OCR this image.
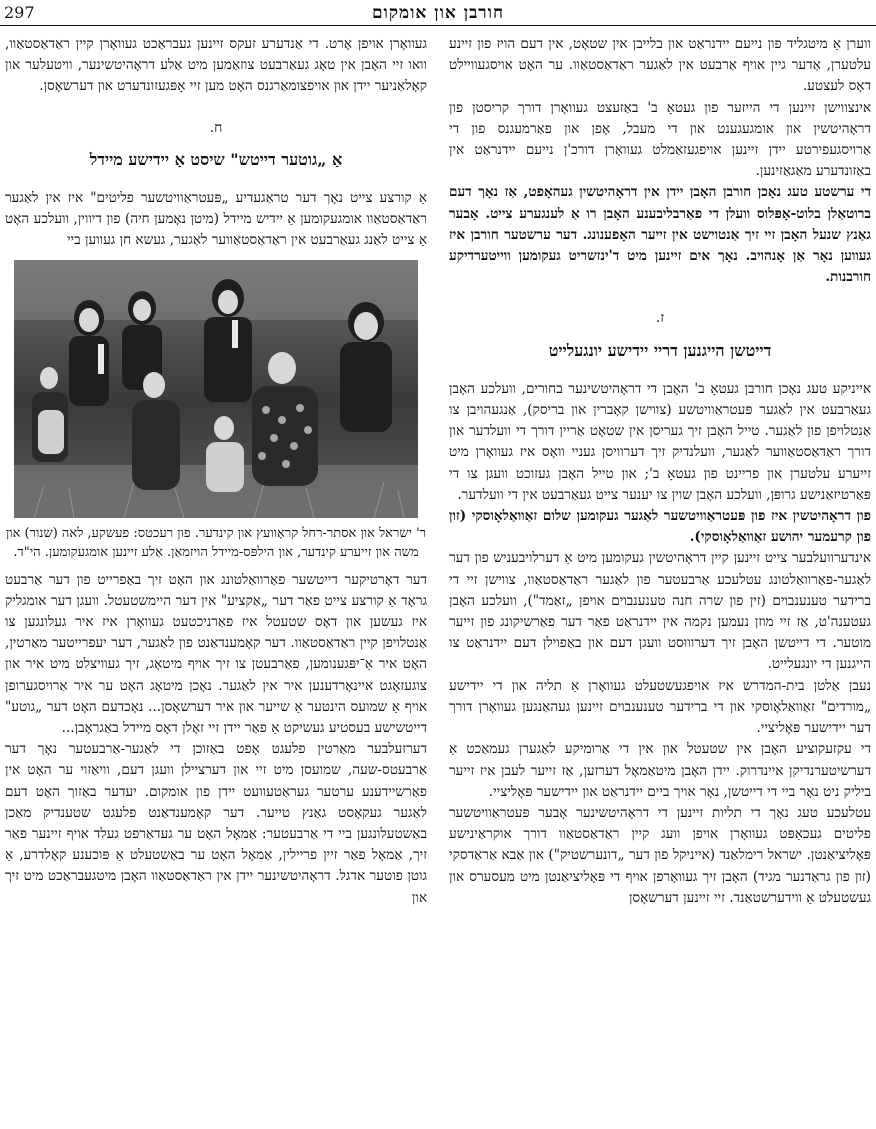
297	חורבן און אומקום

ווערן אַ מיטגליד פון נייעם יידנראַט און בלייבן אין שטאָט, אין דעם הויז פון זיינע עלטערן, אַדער גיין אויף אַרבעט אין לאַגער ראַדאַסטאַוו. ער האָט אויסגעוויילט דאָס לעצטע.

אינצווישן זיינען די הייזער פון געטאָ ב' באַזעצט געוואָרן דורך קריסטן פון דראָהיטשין און אומגעגענט און די מעבל, אָפן און פאַרמעגנס פון די אַרויסגעפירטע יידן זיינען אויפגעזאַמלט געוואָרן דורכ'ן נייעם יידנראַט אין באַזונדערע מאַגאַזינען.

די ערשטע טעג נאָכן חורבן האָבן יידן אין דראָהיטשין געהאָפט, אַז נאָך דעם ברוטאַלן בלוט-אָפּלוס וועלן די פאַרבליבענע האָבן רו אַ לענגערע צייט. אָבער גאַנץ שנעל האָבן זיי זיך אַנטוישט אין זייער האָפענונג. דער ערשטער חורבן איז געווען נאָר אַן אָנהויב. נאָך אים זיינען מיט ד'ינזשריט געקומען ווייטערדיקע חורבנות.

ז.
דייטשן הייגנען דריי יידישע יונגעלייט

אייניקע טעג נאָכן חורבן געטאָ ב' האָבן די דראָהיטשינער בחורים, וועלכע האָבן געאַרבעט אין לאַגער פּעטראַוויטשע (צווישן קאָברין און בריסק), אַנגעהויבן צו אַנטלויפן פון לאַגער. טייל האָבן זיך געריסן אין שטאָט אַריין דורך די וועלדער און דורך ראַדאַסטאַווער לאַגער, וועלנדיק זיך דערוויסן געניי וואָס איז געוואָרן מיט זייערע עלטערן און פריינט פון געטאָ ב'; און טייל האָבן געזוכט וועגן צו די פּאַרטיזאַנישע גרופּן, וועלכע האָבן שוין צו יענער צייט געאַרבעט אין די וועלדער.

פון דראָהיטשין איז פון פּעטראַוויטשער לאַגער געקומען שלום זאַוואַלאָוסקי (זון פון קרעמער יהושע זאַוואַלאָוסקי).

אינדערוועלבער צייט זיינען קיין דראָהיטשין געקומען מיט אַ דערלויבעניש פון דער לאַגער-פאַרוואַלטונג עטלעכע אַרבעטער פון לאַגער ראַדאַסטאַוו, צווישן זיי די ברידער טענענבוים (זין פון שרה חנה טענענבוים אויפן „זאַמד"), וועלכע האָבן געטענה'ט, אַז זיי מוזן נעמען נקמה אין יידנראַט פאַר דער פאַרשיקונג פון זייער מוטער. די דייטשן האָבן זיך דערוווּסט וועגן דעם און באַפוילן דעם יידנראַט צו הייגנען די יונגעלייט.

נעבן אַלטן בית-המדרש איז אויפגעשטעלט געוואָרן אַ תליה און די יידישע „מורדים" זאַוואַלאָוסקי און די ברידער טענענבוים זיינען געהאַנגען געוואָרן דורך דער יידישער פּאָליציי.

די עקזעקוציע האָבן אין שטעטל און אין די אַרומיקע לאַגערן געמאַכט אַ דערשיטערנדיקן איינדרוק. יידן האָבן מיטאַמאָל דערזען, אַז זייער לעבן איז זייער ביליק ניט נאָר ביי די דייטשן, נאָר אויך ביים יידנראַט און יידישער פּאָליציי.

עטלעכע טעג נאָך די תליות זיינען די דראָהיטשינער אָבער פּעטראַוויטשער פליטים געכאַפּט געוואָרן אויפן וועג קיין ראַדאַסטאַוו דורך אוקראַינישע פּאָליציאַנטן. ישראל רימלאַנד (אייניקל פון דער „דונערשטיק") און אַבא אַראַדסקי (זון פון גראַדנער מגיד) האָבן זיך געוואָרפן אויף די פּאָליציאַנטן מיט מעסערס און געשטעלט אַ ווידערשטאַנד. זיי זיינען דערשאָסן

געוואָרן אויפן אָרט. די אַנדערע זעקס זיינען געבראַכט געוואָרן קיין ראַדאַסטאַוו, וואו זיי האָבן אין טאָג געאַרבעט צוזאַמען מיט אַלע דראָהיטשינער, וויטעלער און קאָלאַניער יידן און אויפצומאַרגנס האָט מען זיי אָפּגעזונדערט און דערשאָסן.

ח.
אַ „גוטער דייטש" שיסט אַ יידישע מיידל

אַ קורצע צייט נאָך דער טראַגעדיע „פּעטראַוויטשער פליטים" איז אין לאַגער ראַדאַסטאַוו אומגעקומען אַ יידיש מיידל (מיטן נאָמען חיה) פון דיווין, וועלכע האָט אַ צייט לאַנג געאַרבעט אין ראַדאַסטאַווער לאַגער, געשא חן געווען ביי

ר' ישראל און אסתר-רחל קראָוועץ און קינדער. פון רעכטס: פעשקע, לאה (שנור) און משה און זייערע קינדער, און הילפּס-מיידל הויזמאַן. אַלע זיינען אומגעקומען. הי"ד.

דער דאָרטיקער דייטשער פאַרוואַלטונג און האָט זיך באַפרייט פון דער אַרבעט גראָד אַ קורצע צייט פאַר דער „אַקציע" אין דער היימשטעטל. וועגן דער אומגליק איז געשען און דאָס שטעטל איז פאַרניכטעט געוואָרן איז איר געלונגען צו אַנטלויפן קיין ראַדאַסטאַוו. דער קאָמענדאַנט פון לאַגער, דער יעפרייטער מאַרטין, האָט איר אַ־יפּגענומען, פאַרבעטן צו זיך אויף מיטאָג, זיך געוויצלט מיט איר און צוגעזאָגט איינאָרדענען איר אין לאַגער. נאָכן מיטאָג האָט ער איר אַרויסגערופן אויף אַ שמועס הינטער אַ שייער און איר דערשאָסן... נאָכדעם האָט דער „גוטע" דייטשישע בעסטיע געשיקט אַ פאַר יידן זיי זאָלן דאָס מיידל באַגראָבן...

דערזעלבער מאַרטין פלעגט אָפט באַזוכן די לאַגער-אַרבעטער נאָך דער אַרבעטס-שעה, שמועסן מיט זיי און דערציילן וועגן דעם, וויאַזוי ער האָט אין פאַרשיידענע ערטער געראַטעוועט יידן פון אומקום. יעדער באַזוך האָט דעם לאַגער געקאָסט גאַנץ טייער. דער קאָמענדאַנט פלעגט שטענדיק מאַכן באַשטעלונגען ביי די אַרבעטער: אַמאָל האָט ער געדאַרפט געלד אויף זיינער פאַר זיך, אַמאָל פאַר זיין פריילין, אַמאָל האָט ער באַשטעלט אַ פּוכענע קאָלדרע, אַ גוטן פוטער אדגל. דראָהיטשינער יידן אין ראַדאַסטאַוו האָבן מיטגעבראַכט מיט זיך און
